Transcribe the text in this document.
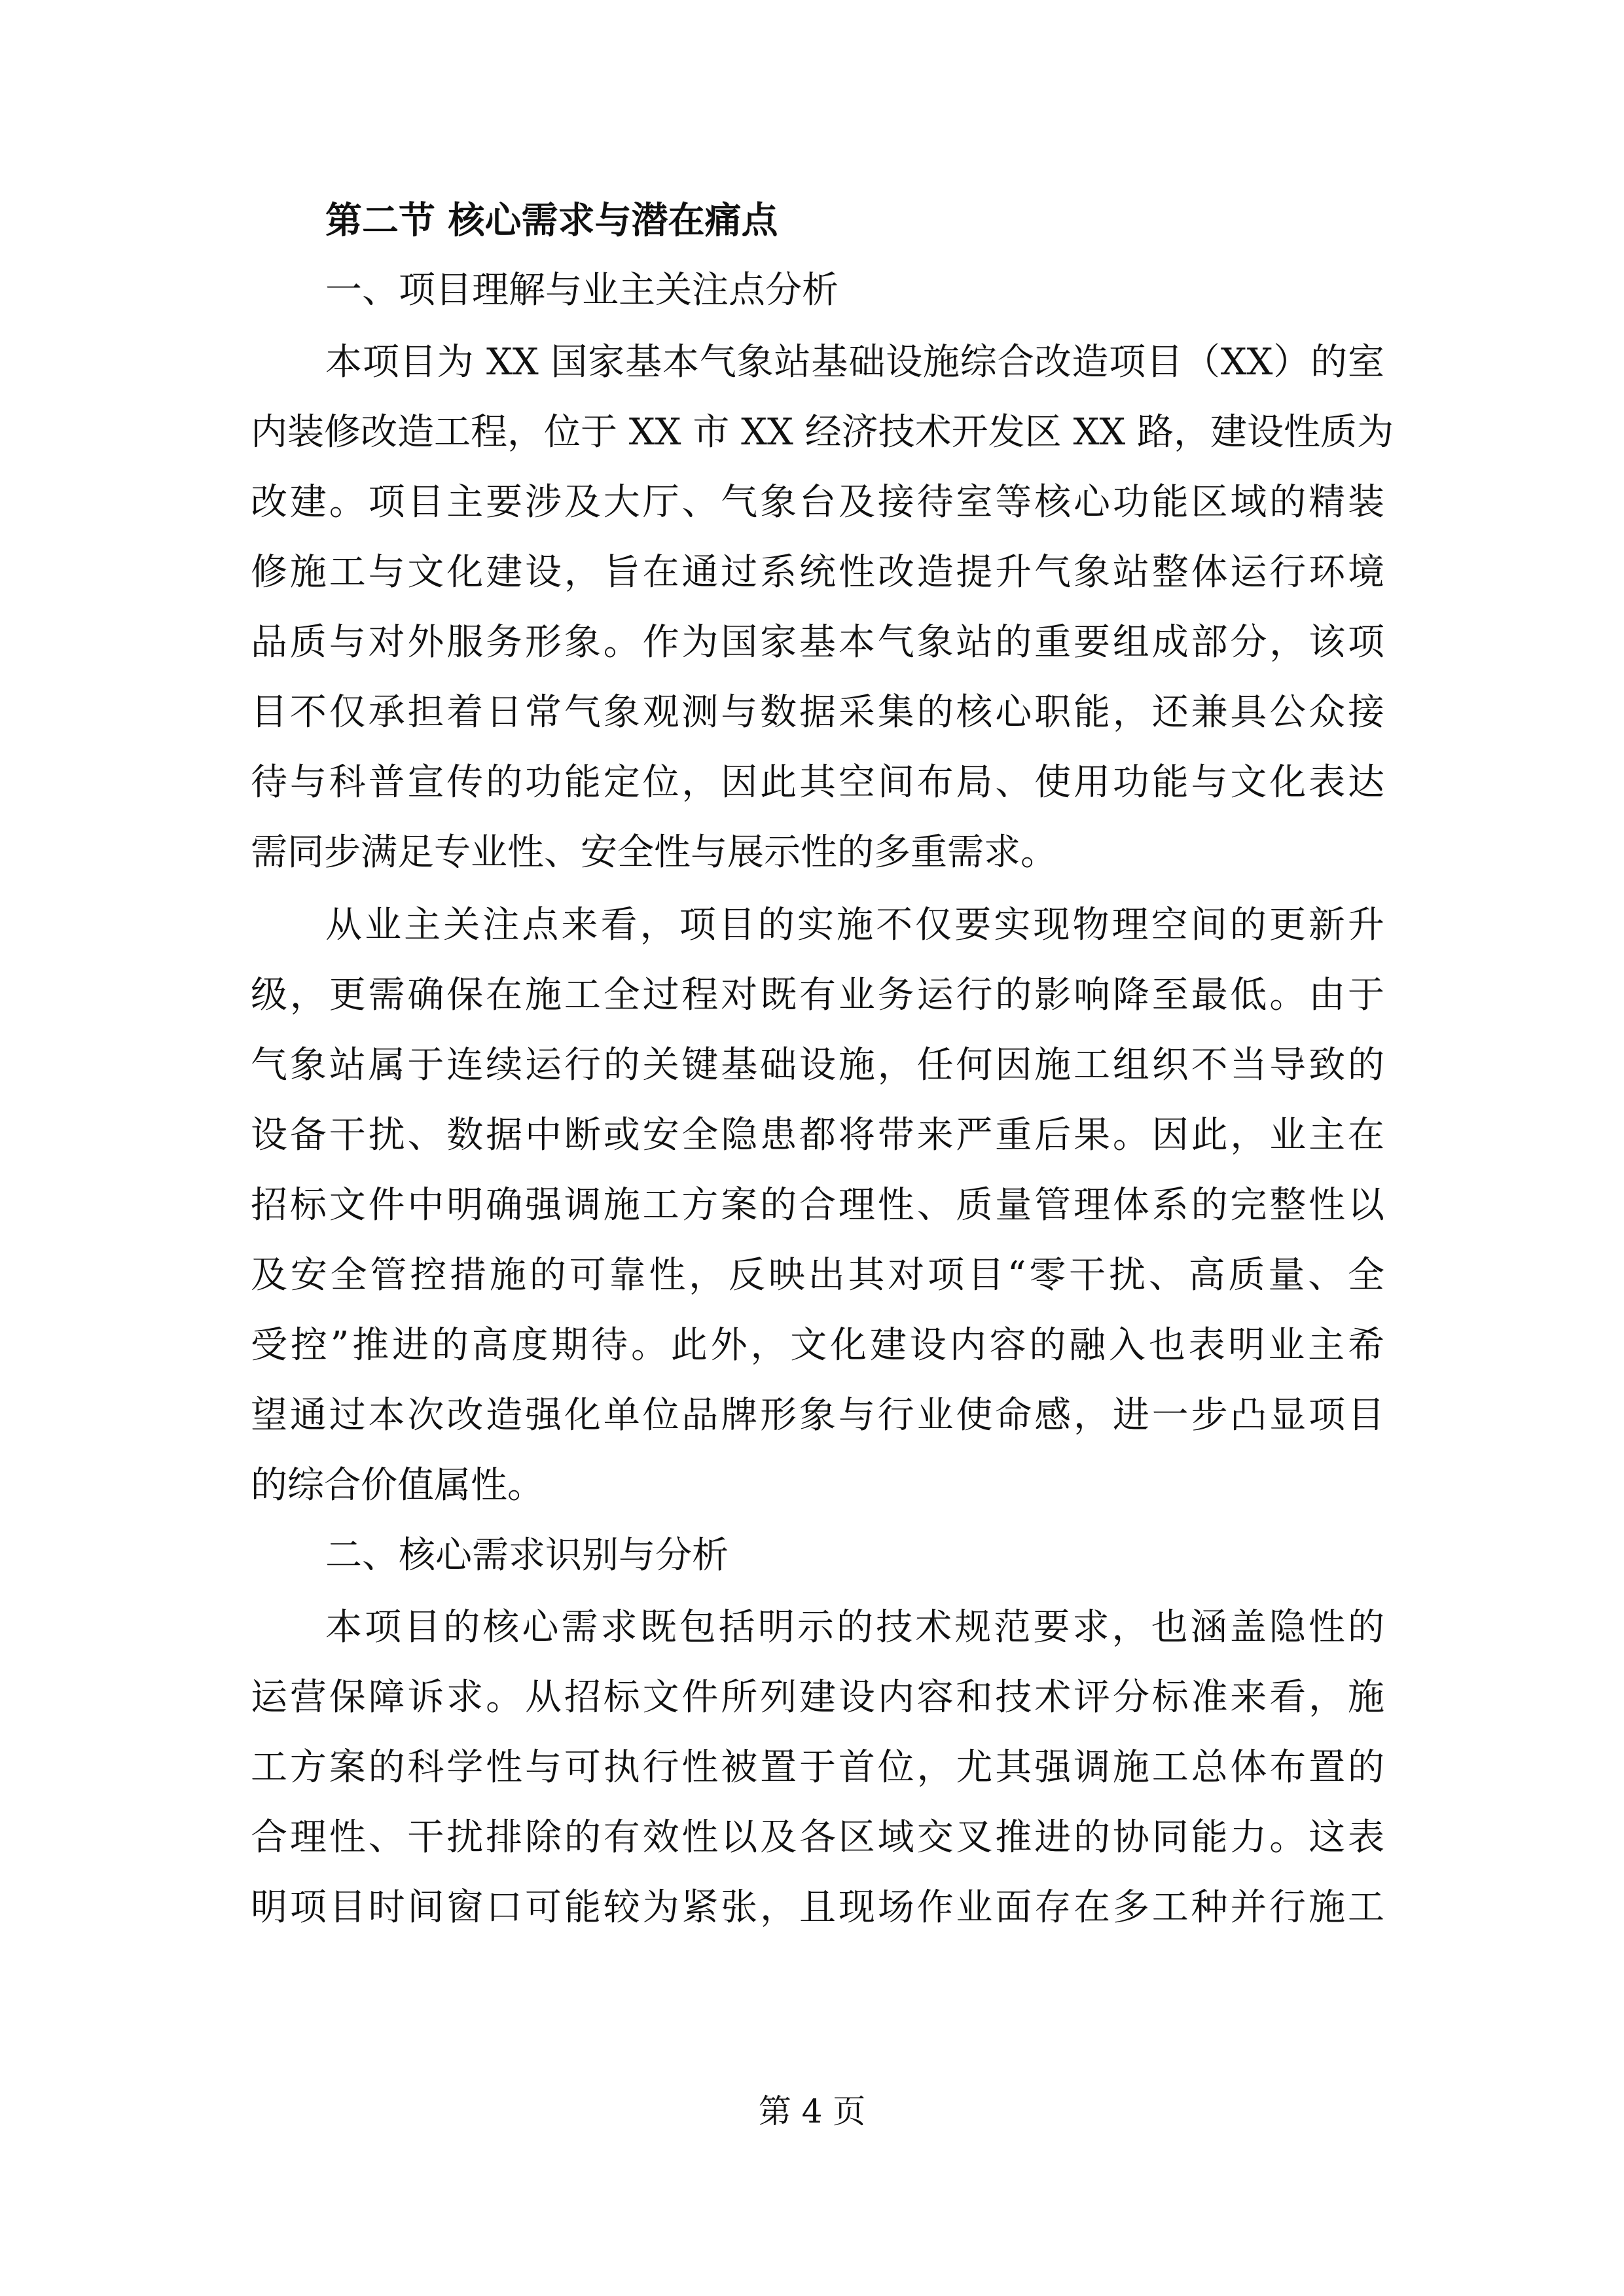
第二节 核心需求与潜在痛点
一、项目理解与业主关注点分析

本项目为 XX 国家基本气象站基础设施综合改造项目（XX）的室
内装修改造工程，位于 XX 市 XX 经济技术开发区 XX 路，建设性质为
改建。项目主要涉及大厅、气象台及接待室等核心功能区域的精装
修施工与文化建设，旨在通过系统性改造提升气象站整体运行环境
品质与对外服务形象。作为国家基本气象站的重要组成部分，该项
目不仅承担着日常气象观测与数据采集的核心职能，还兼具公众接
待与科普宣传的功能定位，因此其空间布局、使用功能与文化表达
需同步满足专业性、安全性与展示性的多重需求。

从业主关注点来看，项目的实施不仅要实现物理空间的更新升
级，更需确保在施工全过程对既有业务运行的影响降至最低。由于
气象站属于连续运行的关键基础设施，任何因施工组织不当导致的
设备干扰、数据中断或安全隐患都将带来严重后果。因此，业主在
招标文件中明确强调施工方案的合理性、质量管理体系的完整性以
及安全管控措施的可靠性，反映出其对项目“零干扰、高质量、全
受控”推进的高度期待。此外，文化建设内容的融入也表明业主希
望通过本次改造强化单位品牌形象与行业使命感，进一步凸显项目
的综合价值属性。

二、核心需求识别与分析

本项目的核心需求既包括明示的技术规范要求，也涵盖隐性的
运营保障诉求。从招标文件所列建设内容和技术评分标准来看，施
工方案的科学性与可执行性被置于首位，尤其强调施工总体布置的
合理性、干扰排除的有效性以及各区域交叉推进的协同能力。这表
明项目时间窗口可能较为紧张，且现场作业面存在多工种并行施工

第 4 页
